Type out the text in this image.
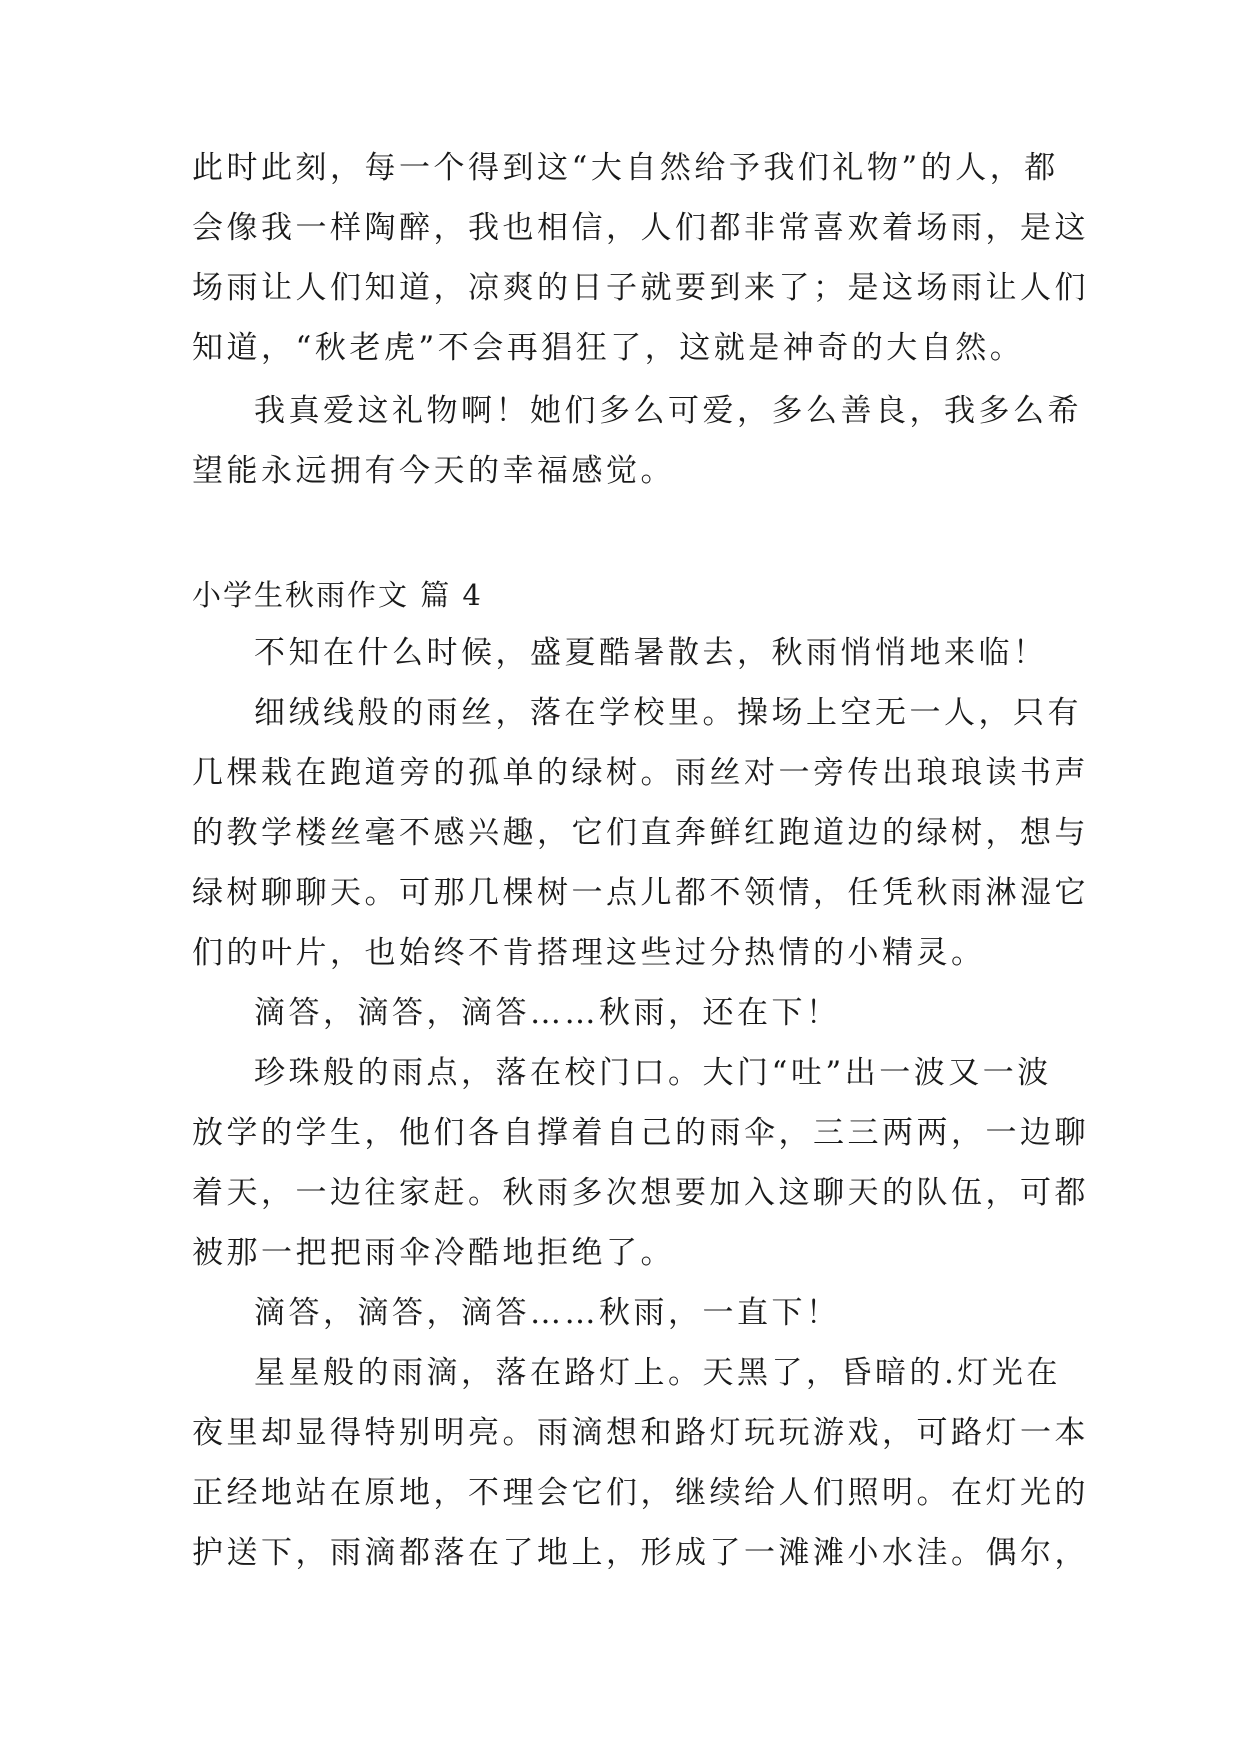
此时此刻，每一个得到这“大自然给予我们礼物”的人，都
会像我一样陶醉，我也相信，人们都非常喜欢着场雨，是这
场雨让人们知道，凉爽的日子就要到来了；是这场雨让人们
知道，“秋老虎”不会再猖狂了，这就是神奇的大自然。
我真爱这礼物啊！她们多么可爱，多么善良，我多么希
望能永远拥有今天的幸福感觉。
小学生秋雨作文 篇 4
不知在什么时候，盛夏酷暑散去，秋雨悄悄地来临！
细绒线般的雨丝，落在学校里。操场上空无一人，只有
几棵栽在跑道旁的孤单的绿树。雨丝对一旁传出琅琅读书声
的教学楼丝毫不感兴趣，它们直奔鲜红跑道边的绿树，想与
绿树聊聊天。可那几棵树一点儿都不领情，任凭秋雨淋湿它
们的叶片，也始终不肯搭理这些过分热情的小精灵。
滴答，滴答，滴答……秋雨，还在下！
珍珠般的雨点，落在校门口。大门“吐”出一波又一波
放学的学生，他们各自撑着自己的雨伞，三三两两，一边聊
着天，一边往家赶。秋雨多次想要加入这聊天的队伍，可都
被那一把把雨伞冷酷地拒绝了。
滴答，滴答，滴答……秋雨，一直下！
星星般的雨滴，落在路灯上。天黑了，昏暗的.灯光在
夜里却显得特别明亮。雨滴想和路灯玩玩游戏，可路灯一本
正经地站在原地，不理会它们，继续给人们照明。在灯光的
护送下，雨滴都落在了地上，形成了一滩滩小水洼。偶尔，
